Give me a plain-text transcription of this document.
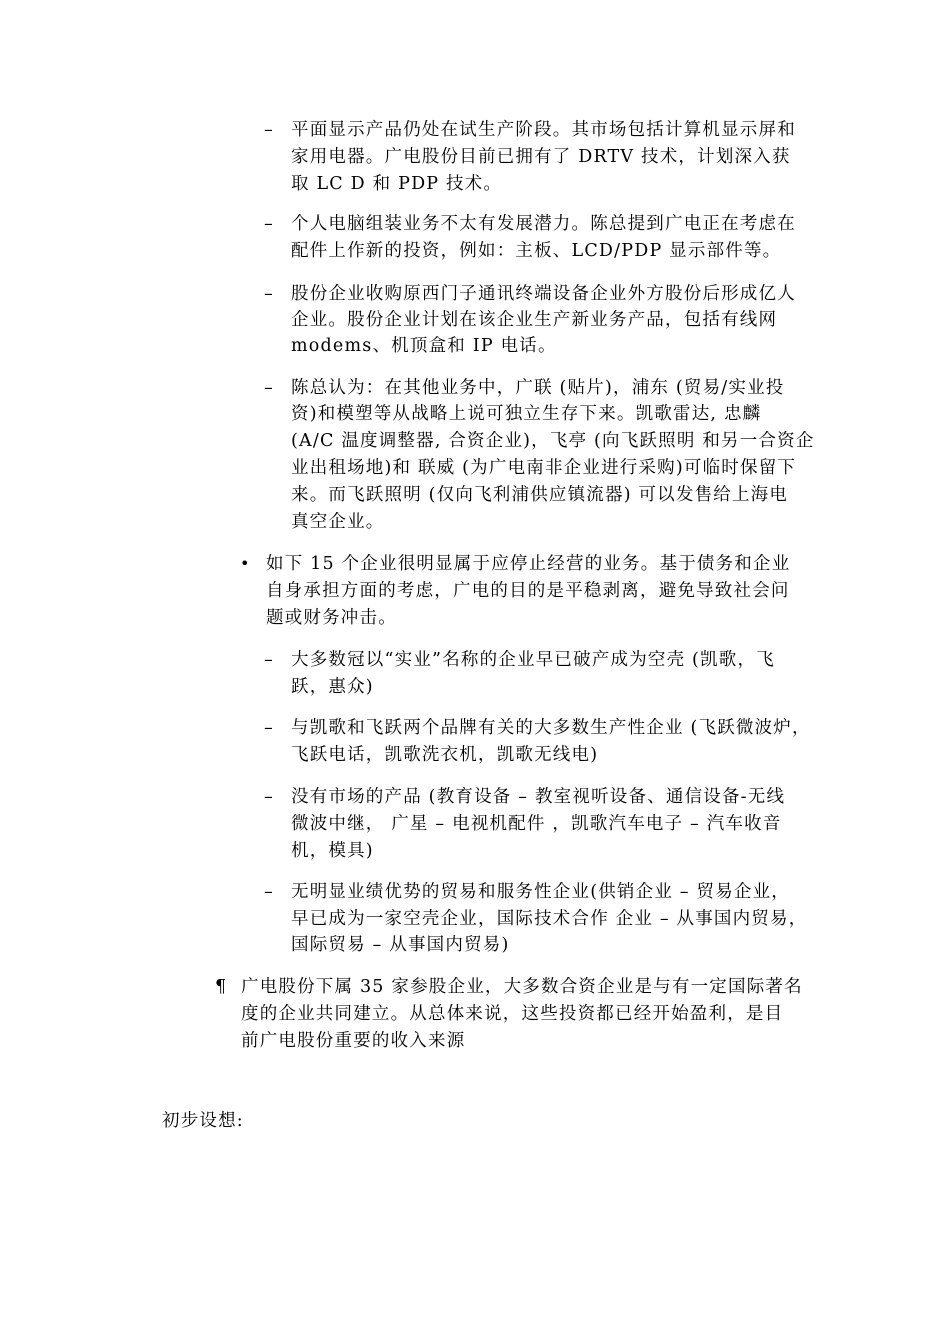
– 平面显示产品仍处在试生产阶段。其市场包括计算机显示屏和
家用电器。广电股份目前已拥有了 DRTV 技术，计划深入获
取 LC D 和 PDP 技术。
– 个人电脑组装业务不太有发展潜力。陈总提到广电正在考虑在
配件上作新的投资，例如：主板、LCD/PDP 显示部件等。
– 股份企业收购原西门子通讯终端设备企业外方股份后形成亿人
企业。股份企业计划在该企业生产新业务产品，包括有线网
modems、机顶盒和 IP 电话。
– 陈总认为：在其他业务中，广联 (贴片)，浦东 (贸易/实业投
资)和模塑等从战略上说可独立生存下来。凯歌雷达, 忠麟
(A/C 温度调整器, 合资企业)，飞亭 (向飞跃照明 和另一合资企
业出租场地)和 联威 (为广电南非企业进行采购)可临时保留下
来。而飞跃照明 (仅向飞利浦供应镇流器) 可以发售给上海电
真空企业。
• 如下 15 个企业很明显属于应停止经营的业务。基于债务和企业
自身承担方面的考虑，广电的目的是平稳剥离，避免导致社会问
题或财务冲击。
– 大多数冠以“实业”名称的企业早已破产成为空壳 (凯歌，飞
跃，惠众)
– 与凯歌和飞跃两个品牌有关的大多数生产性企业 (飞跃微波炉，
飞跃电话，凯歌洗衣机，凯歌无线电)
– 没有市场的产品 (教育设备 – 教室视听设备、通信设备-无线
微波中继， 广星 – 电视机配件 ，凯歌汽车电子 – 汽车收音
机，模具)
– 无明显业绩优势的贸易和服务性企业(供销企业 – 贸易企业，
早已成为一家空壳企业，国际技术合作 企业 – 从事国内贸易，
国际贸易 – 从事国内贸易)
¶ 广电股份下属 35 家参股企业，大多数合资企业是与有一定国际著名
度的企业共同建立。从总体来说，这些投资都已经开始盈利，是目
前广电股份重要的收入来源
初步设想:
